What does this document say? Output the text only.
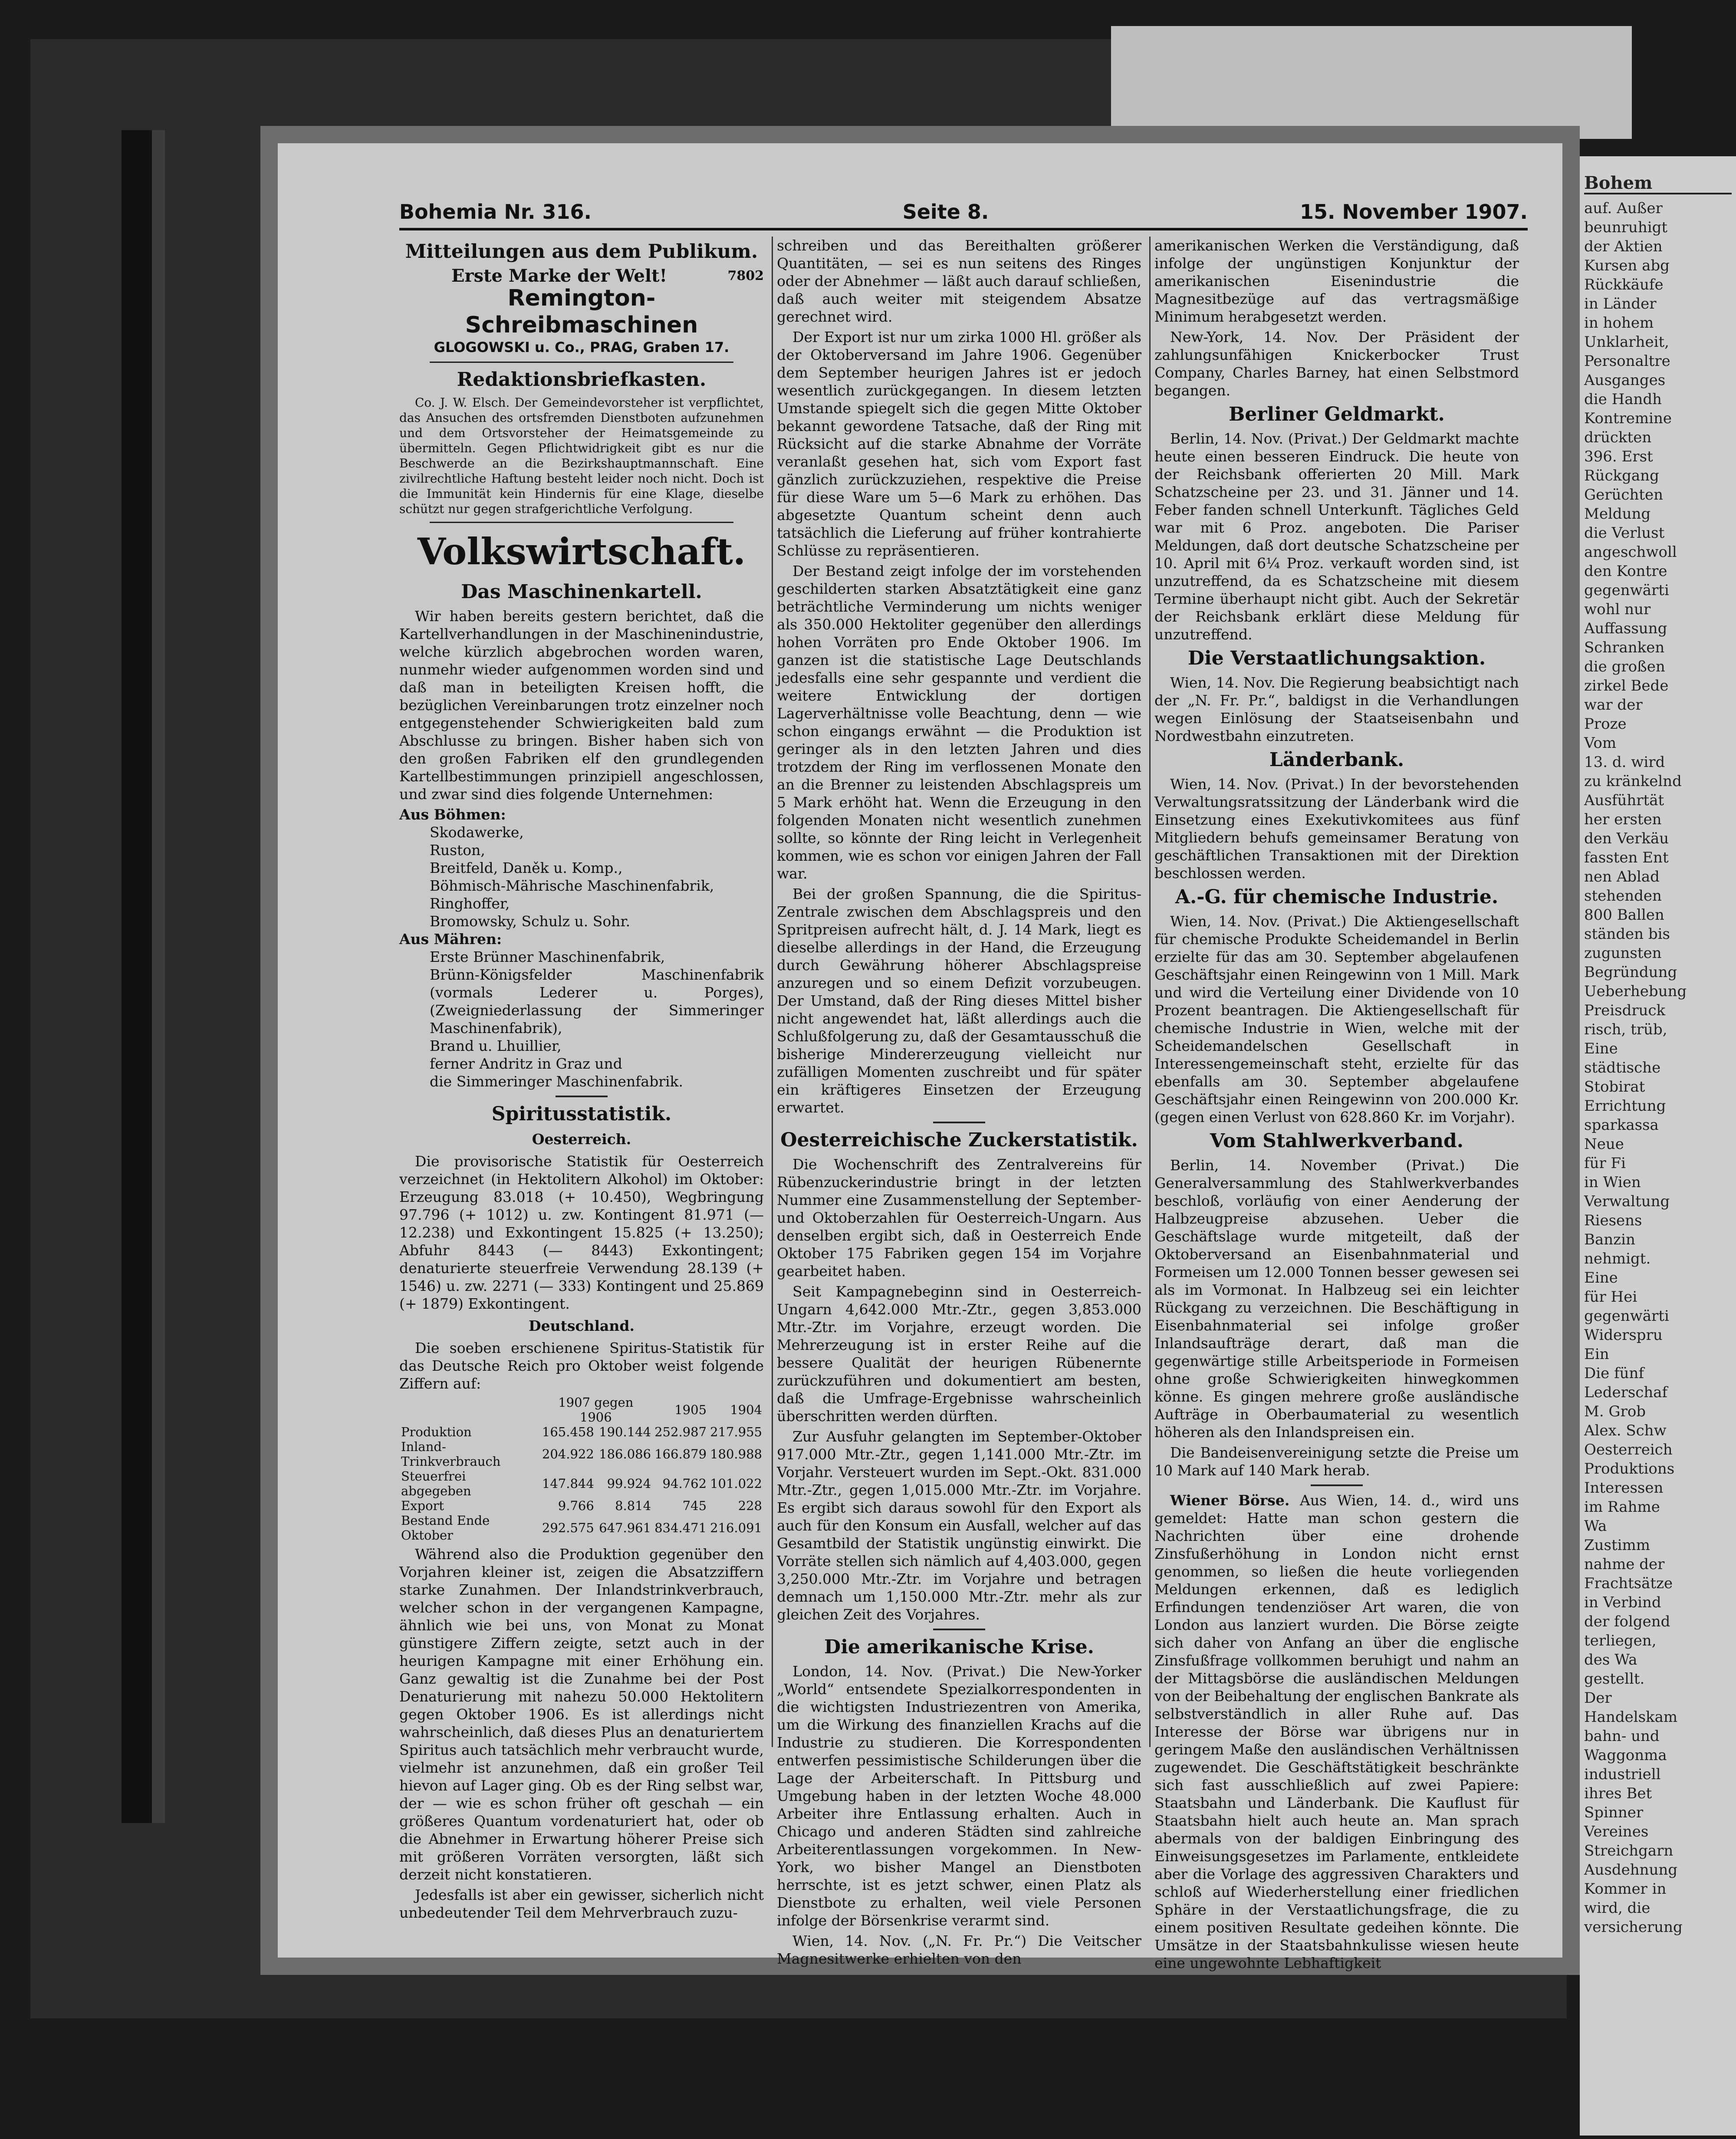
Bohemia Nr. 316.	Seite 8.	15. November 1907.
Mitteilungen aus dem Publikum.
Erste Marke der Welt!	7802
Remington-Schreibmaschinen
GLOGOWSKI u. Co., PRAG, Graben 17.
Redaktionsbriefkasten.

Co. J. W. Elsch. Der Gemeindevorsteher ist verpflichtet, das Ansuchen des ortsfremden Dienstboten aufzunehmen und dem Ortsvorsteher der Heimatsgemeinde zu übermitteln. Gegen Pflichtwidrigkeit gibt es nur die Beschwerde an die Bezirkshauptmannschaft. Eine zivilrechtliche Haftung besteht leider noch nicht. Doch ist die Immunität kein Hindernis für eine Klage, dieselbe schützt nur gegen strafgerichtliche Verfolgung.

Volkswirtschaft.
Das Maschinenkartell.

Wir haben bereits gestern berichtet, daß die Kartellverhandlungen in der Maschinenindustrie, welche kürzlich abgebrochen worden waren, nunmehr wieder aufgenommen worden sind und daß man in beteiligten Kreisen hofft, die bezüglichen Vereinbarungen trotz einzelner noch entgegenstehender Schwierigkeiten bald zum Abschlusse zu bringen. Bisher haben sich von den großen Fabriken elf den grundlegenden Kartellbestimmungen prinzipiell angeschlossen, und zwar sind dies folgende Unternehmen:

Aus Böhmen:
Skodawerke,
Ruston,
Breitfeld, Daněk u. Komp.,
Böhmisch-Mährische Maschinenfabrik,
Ringhoffer,
Bromowsky, Schulz u. Sohr.
Aus Mähren:
Erste Brünner Maschinenfabrik,
Brünn-Königsfelder Maschinenfabrik (vormals Lederer u. Porges), (Zweigniederlassung der Simmeringer Maschinenfabrik),
Brand u. Lhuillier,
ferner Andritz in Graz und
die Simmeringer Maschinenfabrik.
Spiritusstatistik.
Oesterreich.

Die provisorische Statistik für Oesterreich verzeichnet (in Hektolitern Alkohol) im Oktober: Erzeugung 83.018 (+ 10.450), Wegbringung 97.796 (+ 1012) u. zw. Kontingent 81.971 (— 12.238) und Exkontingent 15.825 (+ 13.250); Abfuhr 8443 (— 8443) Exkontingent; denaturierte steuerfreie Verwendung 28.139 (+ 1546) u. zw. 2271 (— 333) Kontingent und 25.869 (+ 1879) Exkontingent.

Deutschland.

Die soeben erschienene Spiritus-Statistik für das Deutsche Reich pro Oktober weist folgende Ziffern auf:

	1907 gegen 1906		1905	1904
Produktion	165.458	190.144	252.987	217.955
Inland-Trinkverbrauch	204.922	186.086	166.879	180.988
Steuerfrei abgegeben	147.844	99.924	94.762	101.022
Export	9.766	8.814	745	228
Bestand Ende Oktober	292.575	647.961	834.471	216.091

Während also die Produktion gegenüber den Vorjahren kleiner ist, zeigen die Absatzziffern starke Zunahmen. Der Inlandstrinkverbrauch, welcher schon in der vergangenen Kampagne, ähnlich wie bei uns, von Monat zu Monat günstigere Ziffern zeigte, setzt auch in der heurigen Kampagne mit einer Erhöhung ein. Ganz gewaltig ist die Zunahme bei der Post Denaturierung mit nahezu 50.000 Hektolitern gegen Oktober 1906. Es ist allerdings nicht wahrscheinlich, daß dieses Plus an denaturiertem Spiritus auch tatsächlich mehr verbraucht wurde, vielmehr ist anzunehmen, daß ein großer Teil hievon auf Lager ging. Ob es der Ring selbst war, der — wie es schon früher oft geschah — ein größeres Quantum vordenaturiert hat, oder ob die Abnehmer in Erwartung höherer Preise sich mit größeren Vorräten versorgten, läßt sich derzeit nicht konstatieren.

Jedesfalls ist aber ein gewisser, sicherlich nicht unbedeutender Teil dem Mehrverbrauch zuzu-

schreiben und das Bereithalten größerer Quantitäten, — sei es nun seitens des Ringes oder der Abnehmer — läßt auch darauf schließen, daß auch weiter mit steigendem Absatze gerechnet wird.

Der Export ist nur um zirka 1000 Hl. größer als der Oktoberversand im Jahre 1906. Gegenüber dem September heurigen Jahres ist er jedoch wesentlich zurückgegangen. In diesem letzten Umstande spiegelt sich die gegen Mitte Oktober bekannt gewordene Tatsache, daß der Ring mit Rücksicht auf die starke Abnahme der Vorräte veranlaßt gesehen hat, sich vom Export fast gänzlich zurückzuziehen, respektive die Preise für diese Ware um 5—6 Mark zu erhöhen. Das abgesetzte Quantum scheint denn auch tatsächlich die Lieferung auf früher kontrahierte Schlüsse zu repräsentieren.

Der Bestand zeigt infolge der im vorstehenden geschilderten starken Absatztätigkeit eine ganz beträchtliche Verminderung um nichts weniger als 350.000 Hektoliter gegenüber den allerdings hohen Vorräten pro Ende Oktober 1906. Im ganzen ist die statistische Lage Deutschlands jedesfalls eine sehr gespannte und verdient die weitere Entwicklung der dortigen Lagerverhältnisse volle Beachtung, denn — wie schon eingangs erwähnt — die Produktion ist geringer als in den letzten Jahren und dies trotzdem der Ring im verflossenen Monate den an die Brenner zu leistenden Abschlagspreis um 5 Mark erhöht hat. Wenn die Erzeugung in den folgenden Monaten nicht wesentlich zunehmen sollte, so könnte der Ring leicht in Verlegenheit kommen, wie es schon vor einigen Jahren der Fall war.

Bei der großen Spannung, die die Spiritus-Zentrale zwischen dem Abschlagspreis und den Spritpreisen aufrecht hält, d. J. 14 Mark, liegt es dieselbe allerdings in der Hand, die Erzeugung durch Gewährung höherer Abschlagspreise anzuregen und so einem Defizit vorzubeugen. Der Umstand, daß der Ring dieses Mittel bisher nicht angewendet hat, läßt allerdings auch die Schlußfolgerung zu, daß der Gesamtausschuß die bisherige Mindererzeugung vielleicht nur zufälligen Momenten zuschreibt und für später ein kräftigeres Einsetzen der Erzeugung erwartet.

Oesterreichische Zuckerstatistik.

Die Wochenschrift des Zentralvereins für Rübenzuckerindustrie bringt in der letzten Nummer eine Zusammenstellung der September- und Oktoberzahlen für Oesterreich-Ungarn. Aus denselben ergibt sich, daß in Oesterreich Ende Oktober 175 Fabriken gegen 154 im Vorjahre gearbeitet haben.

Seit Kampagnebeginn sind in Oesterreich-Ungarn 4,642.000 Mtr.-Ztr., gegen 3,853.000 Mtr.-Ztr. im Vorjahre, erzeugt worden. Die Mehrerzeugung ist in erster Reihe auf die bessere Qualität der heurigen Rübenernte zurückzuführen und dokumentiert am besten, daß die Umfrage-Ergebnisse wahrscheinlich überschritten werden dürften.

Zur Ausfuhr gelangten im September-Oktober 917.000 Mtr.-Ztr., gegen 1,141.000 Mtr.-Ztr. im Vorjahr. Versteuert wurden im Sept.-Okt. 831.000 Mtr.-Ztr., gegen 1,015.000 Mtr.-Ztr. im Vorjahre. Es ergibt sich daraus sowohl für den Export als auch für den Konsum ein Ausfall, welcher auf das Gesamtbild der Statistik ungünstig einwirkt. Die Vorräte stellen sich nämlich auf 4,403.000, gegen 3,250.000 Mtr.-Ztr. im Vorjahre und betragen demnach um 1,150.000 Mtr.-Ztr. mehr als zur gleichen Zeit des Vorjahres.

Die amerikanische Krise.

London, 14. Nov. (Privat.) Die New-Yorker „World“ entsendete Spezialkorrespondenten in die wichtigsten Industriezentren von Amerika, um die Wirkung des finanziellen Krachs auf die Industrie zu studieren. Die Korrespondenten entwerfen pessimistische Schilderungen über die Lage der Arbeiterschaft. In Pittsburg und Umgebung haben in der letzten Woche 48.000 Arbeiter ihre Entlassung erhalten. Auch in Chicago und anderen Städten sind zahlreiche Arbeiterentlassungen vorgekommen. In New-York, wo bisher Mangel an Dienstboten herrschte, ist es jetzt schwer, einen Platz als Dienstbote zu erhalten, weil viele Personen infolge der Börsenkrise verarmt sind.

Wien, 14. Nov. („N. Fr. Pr.“) Die Veitscher Magnesitwerke erhielten von den

amerikanischen Werken die Verständigung, daß infolge der ungünstigen Konjunktur der amerikanischen Eisenindustrie die Magnesitbezüge auf das vertragsmäßige Minimum herabgesetzt werden.

New-York, 14. Nov. Der Präsident der zahlungsunfähigen Knickerbocker Trust Company, Charles Barney, hat einen Selbstmord begangen.

Berliner Geldmarkt.

Berlin, 14. Nov. (Privat.) Der Geldmarkt machte heute einen besseren Eindruck. Die heute von der Reichsbank offerierten 20 Mill. Mark Schatzscheine per 23. und 31. Jänner und 14. Feber fanden schnell Unterkunft. Tägliches Geld war mit 6 Proz. angeboten. Die Pariser Meldungen, daß dort deutsche Schatzscheine per 10. April mit 6¼ Proz. verkauft worden sind, ist unzutreffend, da es Schatzscheine mit diesem Termine überhaupt nicht gibt. Auch der Sekretär der Reichsbank erklärt diese Meldung für unzutreffend.

Die Verstaatlichungsaktion.

Wien, 14. Nov. Die Regierung beabsichtigt nach der „N. Fr. Pr.“, baldigst in die Verhandlungen wegen Einlösung der Staatseisenbahn und Nordwestbahn einzutreten.

Länderbank.

Wien, 14. Nov. (Privat.) In der bevorstehenden Verwaltungsratssitzung der Länderbank wird die Einsetzung eines Exekutivkomitees aus fünf Mitgliedern behufs gemeinsamer Beratung von geschäftlichen Transaktionen mit der Direktion beschlossen werden.

A.-G. für chemische Industrie.

Wien, 14. Nov. (Privat.) Die Aktiengesellschaft für chemische Produkte Scheidemandel in Berlin erzielte für das am 30. September abgelaufenen Geschäftsjahr einen Reingewinn von 1 Mill. Mark und wird die Verteilung einer Dividende von 10 Prozent beantragen. Die Aktiengesellschaft für chemische Industrie in Wien, welche mit der Scheidemandelschen Gesellschaft in Interessengemeinschaft steht, erzielte für das ebenfalls am 30. September abgelaufene Geschäftsjahr einen Reingewinn von 200.000 Kr. (gegen einen Verlust von 628.860 Kr. im Vorjahr).

Vom Stahlwerkverband.

Berlin, 14. November (Privat.) Die Generalversammlung des Stahlwerkverbandes beschloß, vorläufig von einer Aenderung der Halbzeugpreise abzusehen. Ueber die Geschäftslage wurde mitgeteilt, daß der Oktoberversand an Eisenbahnmaterial und Formeisen um 12.000 Tonnen besser gewesen sei als im Vormonat. In Halbzeug sei ein leichter Rückgang zu verzeichnen. Die Beschäftigung in Eisenbahnmaterial sei infolge großer Inlandsaufträge derart, daß man die gegenwärtige stille Arbeitsperiode in Formeisen ohne große Schwierigkeiten hinwegkommen könne. Es gingen mehrere große ausländische Aufträge in Oberbaumaterial zu wesentlich höheren als den Inlandspreisen ein.

Die Bandeisenvereinigung setzte die Preise um 10 Mark auf 140 Mark herab.

Wiener Börse. Aus Wien, 14. d., wird uns gemeldet: Hatte man schon gestern die Nachrichten über eine drohende Zinsfußerhöhung in London nicht ernst genommen, so ließen die heute vorliegenden Meldungen erkennen, daß es lediglich Erfindungen tendenziöser Art waren, die von London aus lanziert wurden. Die Börse zeigte sich daher von Anfang an über die englische Zinsfußfrage vollkommen beruhigt und nahm an der Mittagsbörse die ausländischen Meldungen von der Beibehaltung der englischen Bankrate als selbstverständlich in aller Ruhe auf. Das Interesse der Börse war übrigens nur in geringem Maße den ausländischen Verhältnissen zugewendet. Die Geschäftstätigkeit beschränkte sich fast ausschließlich auf zwei Papiere: Staatsbahn und Länderbank. Die Kauflust für Staatsbahn hielt auch heute an. Man sprach abermals von der baldigen Einbringung des Einweisungsgesetzes im Parlamente, entkleidete aber die Vorlage des aggressiven Charakters und schloß auf Wiederherstellung einer friedlichen Sphäre in der Verstaatlichungsfrage, die zu einem positiven Resultate gedeihen könnte. Die Umsätze in der Staatsbahnkulisse wiesen heute eine ungewohnte Lebhaftigkeit

Bohem
auf. Außer
beunruhigt
der Aktien
Kursen abg
Rückkäufe
in Länder
in hohem
Unklarheit,
Personaltre
Ausganges
die Handh
Kontremine
drückten
396. Erst
Rückgang
Gerüchten
Meldung
die Verlust
angeschwoll
den Kontre
gegenwärti
wohl nur
Auffassung
Schranken
die großen
zirkel Bede
war der
Proze
Vom
13. d. wird
zu kränkelnd
Ausführtät
her ersten
den Verkäu
fassten Ent
nen Ablad
stehenden
800 Ballen
ständen bis
zugunsten
Begründung
Ueberhebung
Preisdruck
risch, trüb,
Eine
städtische
Stobirat
Errichtung
sparkassa
Neue
für Fi
in Wien
Verwaltung
Riesens
Banzin
nehmigt.
Eine
für Hei
gegenwärti
Widerspru
Ein
Die fünf
Lederschaf
M. Grob
Alex. Schw
Oesterreich
Produktions
Interessen
im Rahme
Wa
Zustimm
nahme der
Frachtsätze
in Verbind
der folgend
terliegen,
des Wa
gestellt.
Der
Handelskam
bahn- und
Waggonma
industriell
ihres Bet
Spinner
Vereines
Streichgarn
Ausdehnung
Kommer in
wird, die
versicherung
